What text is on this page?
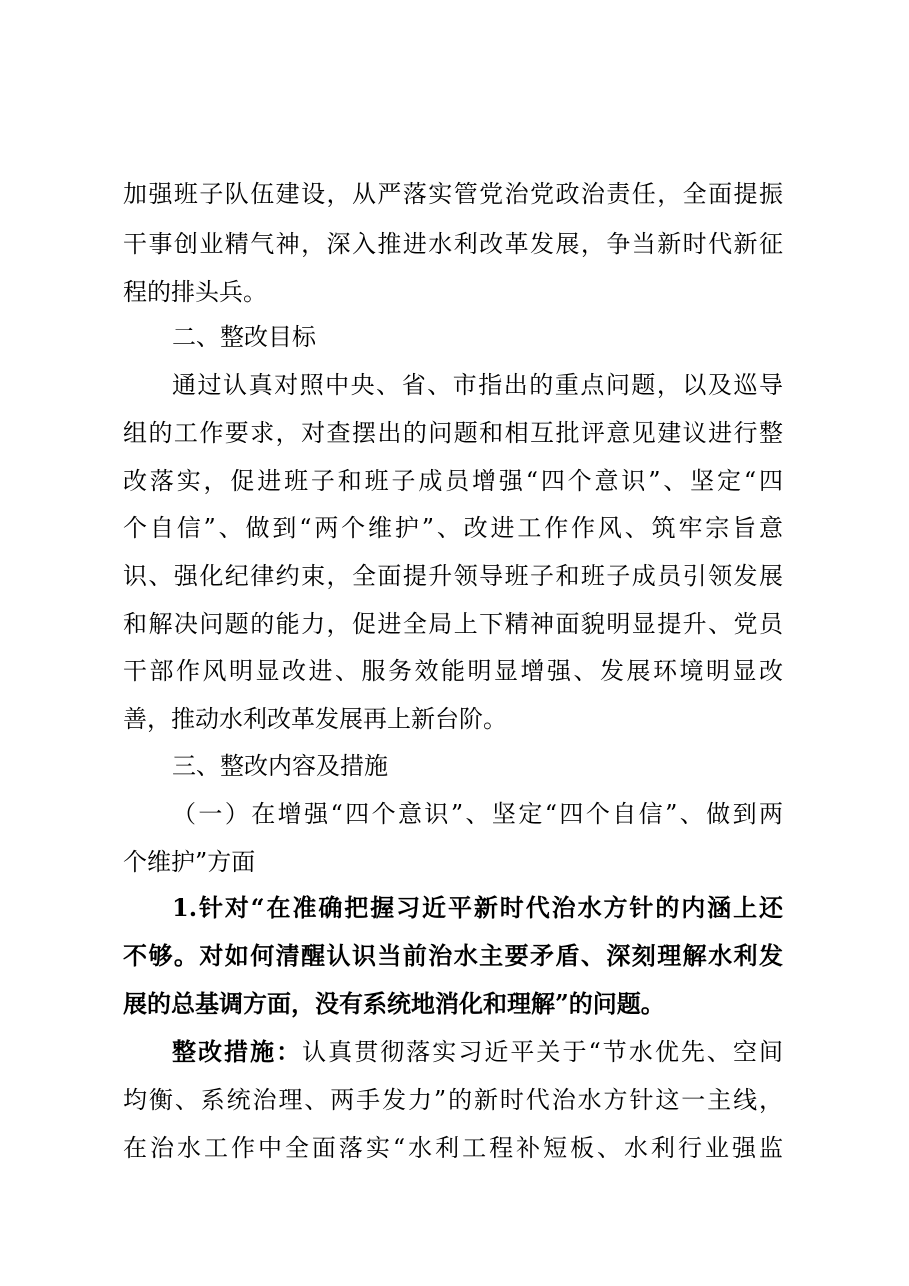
加强班子队伍建设，从严落实管党治党政治责任，全面提振
干事创业精气神，深入推进水利改革发展，争当新时代新征
程的排头兵。
二、整改目标
通过认真对照中央、省、市指出的重点问题，以及巡导
组的工作要求，对查摆出的问题和相互批评意见建议进行整
改落实，促进班子和班子成员增强“四个意识”、坚定“四
个自信”、做到“两个维护”、改进工作作风、筑牢宗旨意
识、强化纪律约束，全面提升领导班子和班子成员引领发展
和解决问题的能力，促进全局上下精神面貌明显提升、党员
干部作风明显改进、服务效能明显增强、发展环境明显改
善，推动水利改革发展再上新台阶。
三、整改内容及措施
（一）在增强“四个意识”、坚定“四个自信”、做到两
个维护”方面
1.针对“在准确把握习近平新时代治水方针的内涵上还
不够。对如何清醒认识当前治水主要矛盾、深刻理解水利发
展的总基调方面，没有系统地消化和理解”的问题。
整改措施：认真贯彻落实习近平关于“节水优先、空间
均衡、系统治理、两手发力”的新时代治水方针这一主线，
在治水工作中全面落实“水利工程补短板、水利行业强监
